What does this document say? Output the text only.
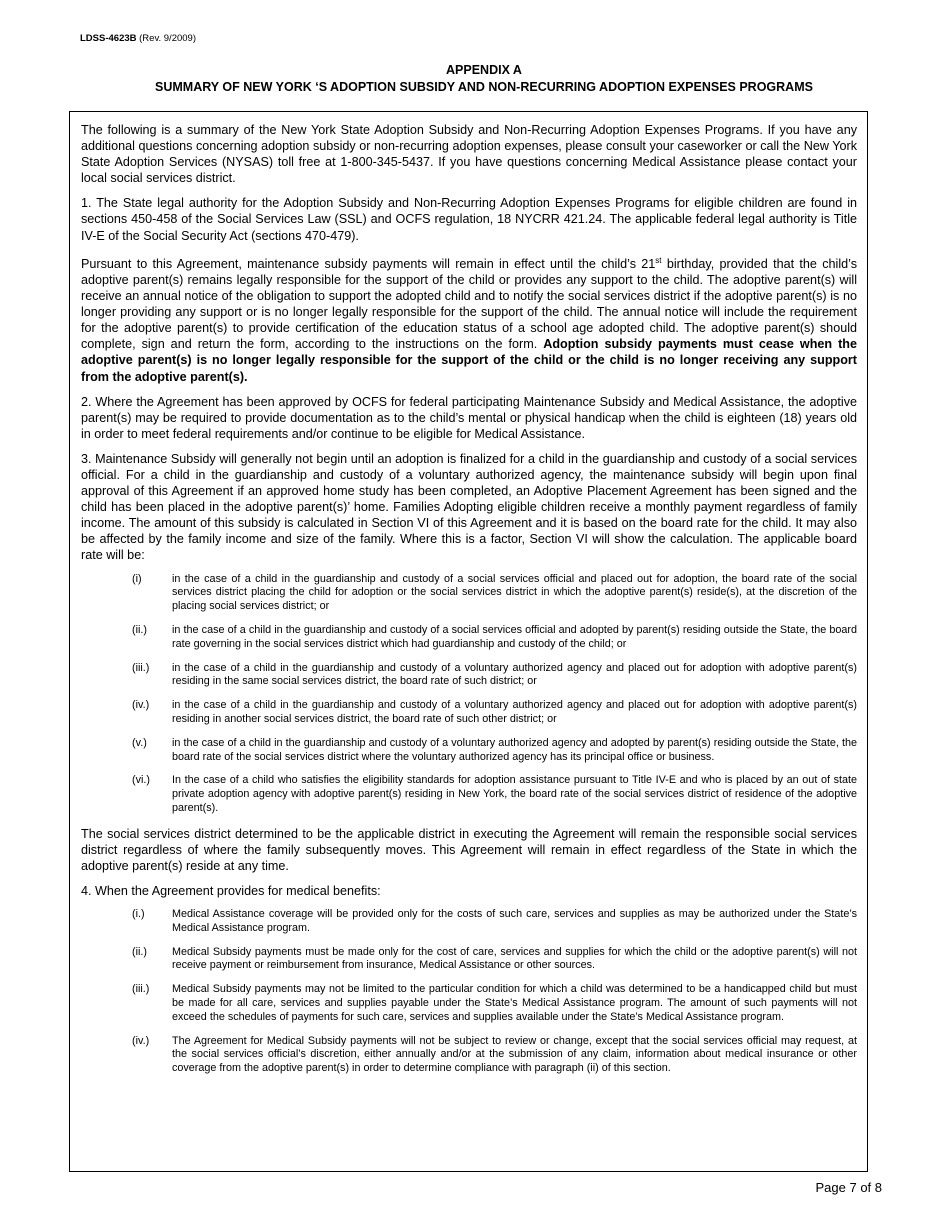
LDSS-4623B (Rev. 9/2009)
APPENDIX A
SUMMARY OF NEW YORK ‘S ADOPTION SUBSIDY AND NON-RECURRING ADOPTION EXPENSES PROGRAMS

The following is a summary of the New York State Adoption Subsidy and Non-Recurring Adoption Expenses Programs. If you have any additional questions concerning adoption subsidy or non-recurring adoption expenses, please consult your caseworker or call the New York State Adoption Services (NYSAS) toll free at 1-800-345-5437. If you have questions concerning Medical Assistance please contact your local social services district.

1. The State legal authority for the Adoption Subsidy and Non-Recurring Adoption Expenses Programs for eligible children are found in sections 450-458 of the Social Services Law (SSL) and OCFS regulation, 18 NYCRR 421.24. The applicable federal legal authority is Title IV-E of the Social Security Act (sections 470-479).

Pursuant to this Agreement, maintenance subsidy payments will remain in effect until the child’s 21st birthday, provided that the child’s adoptive parent(s) remains legally responsible for the support of the child or provides any support to the child. The adoptive parent(s) will receive an annual notice of the obligation to support the adopted child and to notify the social services district if the adoptive parent(s) is no longer providing any support or is no longer legally responsible for the support of the child. The annual notice will include the requirement for the adoptive parent(s) to provide certification of the education status of a school age adopted child. The adoptive parent(s) should complete, sign and return the form, according to the instructions on the form. Adoption subsidy payments must cease when the adoptive parent(s) is no longer legally responsible for the support of the child or the child is no longer receiving any support from the adoptive parent(s).

2. Where the Agreement has been approved by OCFS for federal participating Maintenance Subsidy and Medical Assistance, the adoptive parent(s) may be required to provide documentation as to the child’s mental or physical handicap when the child is eighteen (18) years old in order to meet federal requirements and/or continue to be eligible for Medical Assistance.

3. Maintenance Subsidy will generally not begin until an adoption is finalized for a child in the guardianship and custody of a social services official. For a child in the guardianship and custody of a voluntary authorized agency, the maintenance subsidy will begin upon final approval of this Agreement if an approved home study has been completed, an Adoptive Placement Agreement has been signed and the child has been placed in the adoptive parent(s)’ home. Families Adopting eligible children receive a monthly payment regardless of family income. The amount of this subsidy is calculated in Section VI of this Agreement and it is based on the board rate for the child. It may also be affected by the family income and size of the family. Where this is a factor, Section VI will show the calculation. The applicable board rate will be:

(i)	in the case of a child in the guardianship and custody of a social services official and placed out for adoption, the board rate of the social services district placing the child for adoption or the social services district in which the adoptive parent(s) reside(s), at the discretion of the placing social services district; or
(ii.)	in the case of a child in the guardianship and custody of a social services official and adopted by parent(s) residing outside the State, the board rate governing in the social services district which had guardianship and custody of the child; or
(iii.)	in the case of a child in the guardianship and custody of a voluntary authorized agency and placed out for adoption with adoptive parent(s) residing in the same social services district, the board rate of such district; or
(iv.)	in the case of a child in the guardianship and custody of a voluntary authorized agency and placed out for adoption with adoptive parent(s) residing in another social services district, the board rate of such other district; or
(v.)	in the case of a child in the guardianship and custody of a voluntary authorized agency and adopted by parent(s) residing outside the State, the board rate of the social services district where the voluntary authorized agency has its principal office or business.
(vi.)	In the case of a child who satisfies the eligibility standards for adoption assistance pursuant to Title IV-E and who is placed by an out of state private adoption agency with adoptive parent(s) residing in New York, the board rate of the social services district of residence of the adoptive parent(s).

The social services district determined to be the applicable district in executing the Agreement will remain the responsible social services district regardless of where the family subsequently moves. This Agreement will remain in effect regardless of the State in which the adoptive parent(s) reside at any time.

4. When the Agreement provides for medical benefits:

(i.)	Medical Assistance coverage will be provided only for the costs of such care, services and supplies as may be authorized under the State’s Medical Assistance program.
(ii.)	Medical Subsidy payments must be made only for the cost of care, services and supplies for which the child or the adoptive parent(s) will not receive payment or reimbursement from insurance, Medical Assistance or other sources.
(iii.)	Medical Subsidy payments may not be limited to the particular condition for which a child was determined to be a handicapped child but must be made for all care, services and supplies payable under the State’s Medical Assistance program. The amount of such payments will not exceed the schedules of payments for such care, services and supplies available under the State’s Medical Assistance program.
(iv.)	The Agreement for Medical Subsidy payments will not be subject to review or change, except that the social services official may request, at the social services official’s discretion, either annually and/or at the submission of any claim, information about medical insurance or other coverage from the adoptive parent(s) in order to determine compliance with paragraph (ii) of this section.
Page 7 of 8
